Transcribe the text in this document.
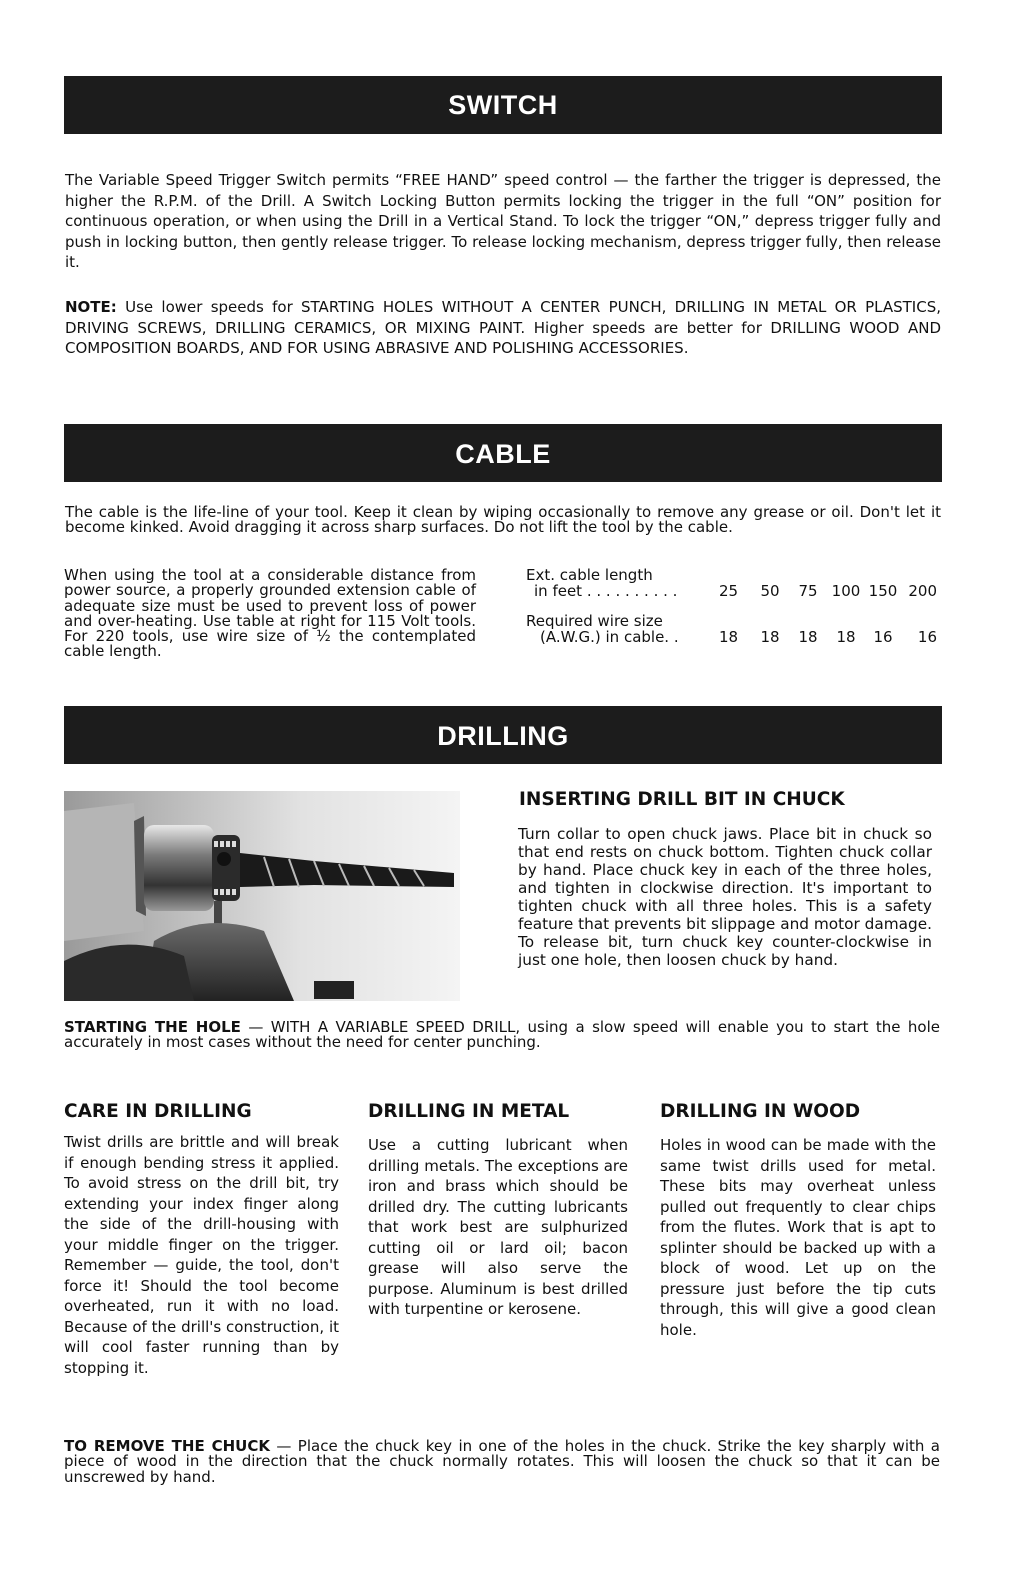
SWITCH

The Variable Speed Trigger Switch permits “FREE HAND” speed control — the farther the trigger is depressed, the higher the R.P.M. of the Drill. A Switch Locking Button permits locking the trigger in the full “ON” position for continuous operation, or when using the Drill in a Vertical Stand. To lock the trigger “ON,” depress trigger fully and push in locking button, then gently release trigger. To release locking mechanism, depress trigger fully, then release it.

NOTE: Use lower speeds for STARTING HOLES WITHOUT A CENTER PUNCH, DRILLING IN METAL OR PLASTICS, DRIVING SCREWS, DRILLING CERAMICS, OR MIXING PAINT. Higher speeds are better for DRILLING WOOD AND COMPOSITION BOARDS, AND FOR USING ABRASIVE AND POLISHING ACCESSORIES.

CABLE

The cable is the life-line of your tool. Keep it clean by wiping occasionally to remove any grease or oil. Don't let it become kinked. Avoid dragging it across sharp surfaces. Do not lift the tool by the cable.

When using the tool at a considerable distance from power source, a properly grounded extension cable of adequate size must be used to prevent loss of power and over-heating. Use table at right for 115 Volt tools. For 220 tools, use wire size of ½ the contemplated cable length.

Ext. cable length						
in feet . . . . . . . . . .	25	50	75	100	150	200

Required wire size						
(A.W.G.) in cable. .	18	18	18	18	16	16
DRILLING
INSERTING DRILL BIT IN CHUCK

Turn collar to open chuck jaws. Place bit in chuck so that end rests on chuck bottom. Tighten chuck collar by hand. Place chuck key in each of the three holes, and tighten in clockwise direction. It's important to tighten chuck with all three holes. This is a safety feature that prevents bit slippage and motor damage. To release bit, turn chuck key counter-clockwise in just one hole, then loosen chuck by hand.

STARTING THE HOLE — WITH A VARIABLE SPEED DRILL, using a slow speed will enable you to start the hole accurately in most cases without the need for center punching.

CARE IN DRILLING

Twist drills are brittle and will break if enough bending stress it applied. To avoid stress on the drill bit, try extending your index finger along the side of the drill-housing with your middle finger on the trigger. Remember — guide, the tool, don't force it! Should the tool become overheated, run it with no load. Because of the drill's construction, it will cool faster running than by stopping it.

DRILLING IN METAL

Use a cutting lubricant when drilling metals. The exceptions are iron and brass which should be drilled dry. The cutting lubricants that work best are sulphurized cutting oil or lard oil; bacon grease will also serve the purpose. Aluminum is best drilled with turpentine or kerosene.

DRILLING IN WOOD

Holes in wood can be made with the same twist drills used for metal. These bits may overheat unless pulled out frequently to clear chips from the flutes. Work that is apt to splinter should be backed up with a block of wood. Let up on the pressure just before the tip cuts through, this will give a good clean hole.

TO REMOVE THE CHUCK — Place the chuck key in one of the holes in the chuck. Strike the key sharply with a piece of wood in the direction that the chuck normally rotates. This will loosen the chuck so that it can be unscrewed by hand.
